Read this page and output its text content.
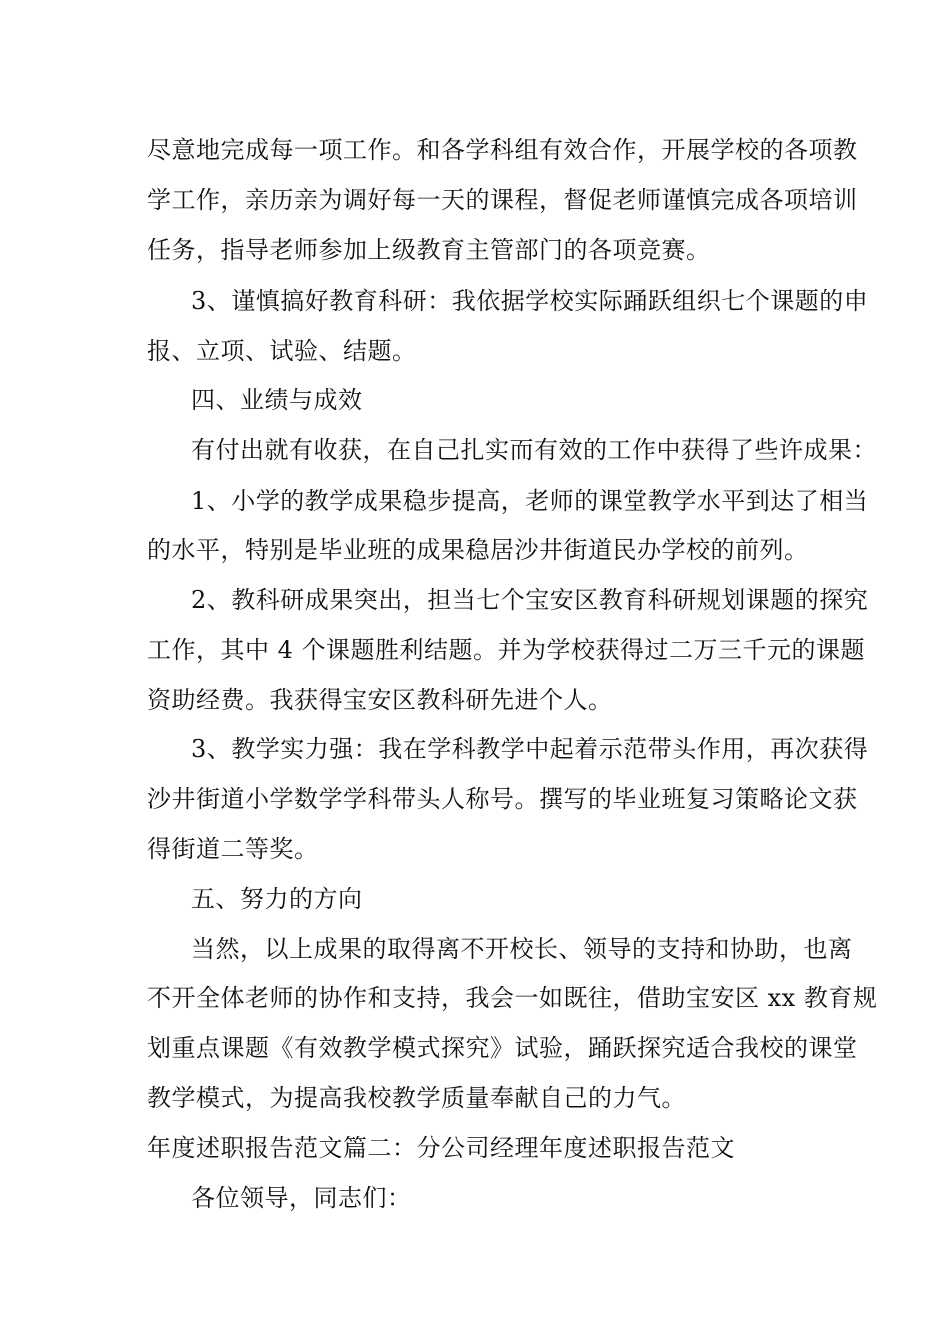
尽意地完成每一项工作。和各学科组有效合作，开展学校的各项教
学工作，亲历亲为调好每一天的课程，督促老师谨慎完成各项培训
任务，指导老师参加上级教育主管部门的各项竞赛。
3、谨慎搞好教育科研：我依据学校实际踊跃组织七个课题的申
报、立项、试验、结题。
四、业绩与成效
有付出就有收获，在自己扎实而有效的工作中获得了些许成果：
1、小学的教学成果稳步提高，老师的课堂教学水平到达了相当
的水平，特别是毕业班的成果稳居沙井街道民办学校的前列。
2、教科研成果突出，担当七个宝安区教育科研规划课题的探究
工作，其中 4 个课题胜利结题。并为学校获得过二万三千元的课题
资助经费。我获得宝安区教科研先进个人。
3、教学实力强：我在学科教学中起着示范带头作用，再次获得
沙井街道小学数学学科带头人称号。撰写的毕业班复习策略论文获
得街道二等奖。
五、努力的方向
当然，以上成果的取得离不开校长、领导的支持和协助，也离
不开全体老师的协作和支持，我会一如既往，借助宝安区 xx 教育规
划重点课题《有效教学模式探究》试验，踊跃探究适合我校的课堂
教学模式，为提高我校教学质量奉献自己的力气。
年度述职报告范文篇二：分公司经理年度述职报告范文
各位领导，同志们：
